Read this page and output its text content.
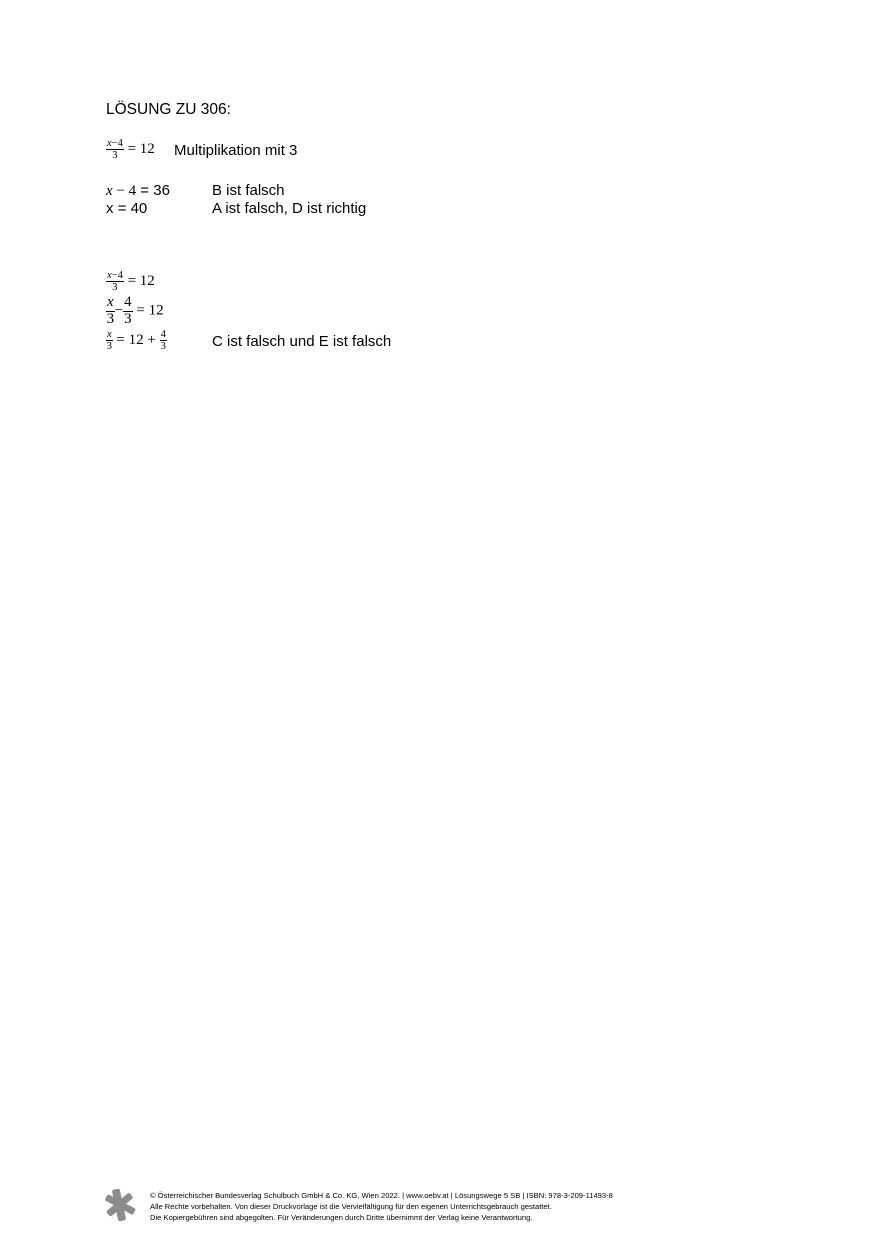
LÖSUNG ZU 306:
$\frac{x-4}{3} = 12$ Multiplikation mit 3
x − 4 = 36	B ist falsch
x = 40	A ist falsch, D ist richtig
$\frac{x-4}{3} = 12$
$\frac{x}{3} - \frac{4}{3} = 12$
$\frac{x}{3} = 12 + \frac{4}{3}$	C ist falsch und E ist falsch
© Österreichischer Bundesverlag Schulbuch GmbH & Co. KG, Wien 2022. | www.oebv.at | Lösungswege 5 SB | ISBN: 978-3-209-11493-8
Alle Rechte vorbehalten. Von dieser Druckvorlage ist die Vervielfältigung für den eigenen Unterrichtsgebrauch gestattet.
Die Kopiergebühren sind abgegolten. Für Veränderungen durch Dritte übernimmt der Verlag keine Verantwortung.
